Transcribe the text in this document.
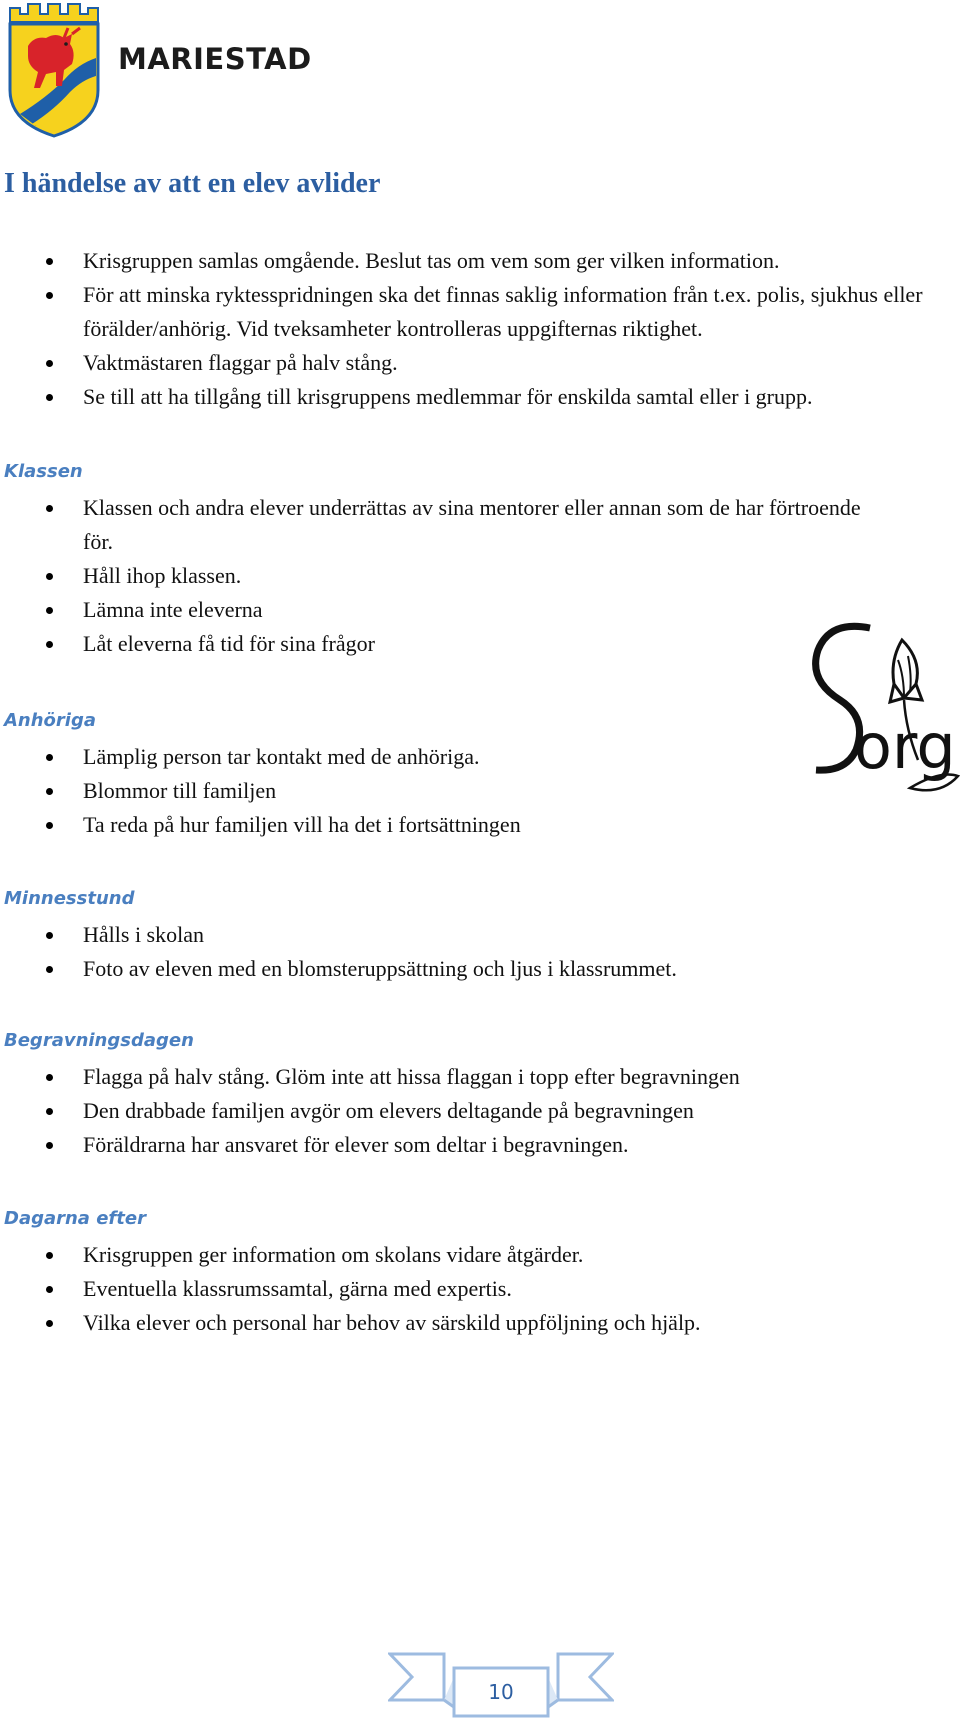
MARIESTAD
I händelse av att en elev avlider
Krisgruppen samlas omgående. Beslut tas om vem som ger vilken information.
För att minska ryktesspridningen ska det finnas saklig information från t.ex. polis, sjukhus eller förälder/anhörig. Vid tveksamheter kontrolleras uppgifternas riktighet.
Vaktmästaren flaggar på halv stång.
Se till att ha tillgång till krisgruppens medlemmar för enskilda samtal eller i grupp.
Klassen
Klassen och andra elever underrättas av sina mentorer eller annan som de har förtroende för.
Håll ihop klassen.
Lämna inte eleverna
Låt eleverna få tid för sina frågor
org
Anhöriga
Lämplig person tar kontakt med de anhöriga.
Blommor till familjen
Ta reda på hur familjen vill ha det i fortsättningen
Minnesstund
Hålls i skolan
Foto av eleven med en blomsteruppsättning och ljus i klassrummet.
Begravningsdagen
Flagga på halv stång. Glöm inte att hissa flaggan i topp efter begravningen
Den drabbade familjen avgör om elevers deltagande på begravningen
Föräldrarna har ansvaret för elever som deltar i begravningen.
Dagarna efter
Krisgruppen ger information om skolans vidare åtgärder.
Eventuella klassrumssamtal, gärna med expertis.
Vilka elever och personal har behov av särskild uppföljning och hjälp.
10
